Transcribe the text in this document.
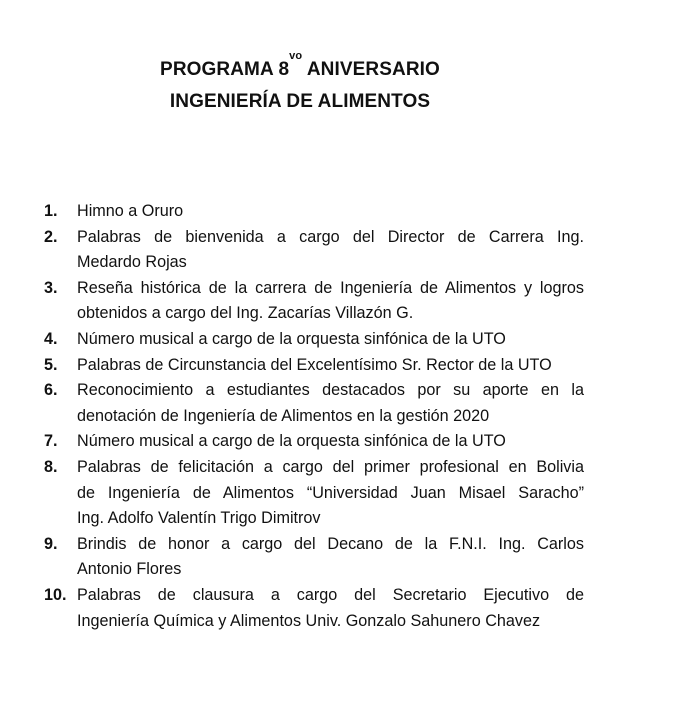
PROGRAMA $8^{vo}$ ANIVERSARIO
INGENIERÍA DE ALIMENTOS
1.	Himno a Oruro
2.	Palabras de bienvenida a cargo del Director de Carrera Ing.
Medardo Rojas
3.	Reseña histórica de la carrera de Ingeniería de Alimentos y logros
obtenidos a cargo del Ing. Zacarías Villazón G.
4.	Número musical a cargo de la orquesta sinfónica de la UTO
5.	Palabras de Circunstancia del Excelentísimo Sr. Rector de la UTO
6.	Reconocimiento a estudiantes destacados por su aporte en la
denotación de Ingeniería de Alimentos en la gestión 2020
7.	Número musical a cargo de la orquesta sinfónica de la UTO
8.	Palabras de felicitación a cargo del primer profesional en Bolivia
de Ingeniería de Alimentos “Universidad Juan Misael Saracho”
Ing. Adolfo Valentín Trigo Dimitrov
9.	Brindis de honor a cargo del Decano de la F.N.I. Ing. Carlos
Antonio Flores
10. Palabras de clausura a cargo del Secretario Ejecutivo de
Ingeniería Química y Alimentos Univ. Gonzalo Sahunero Chavez
